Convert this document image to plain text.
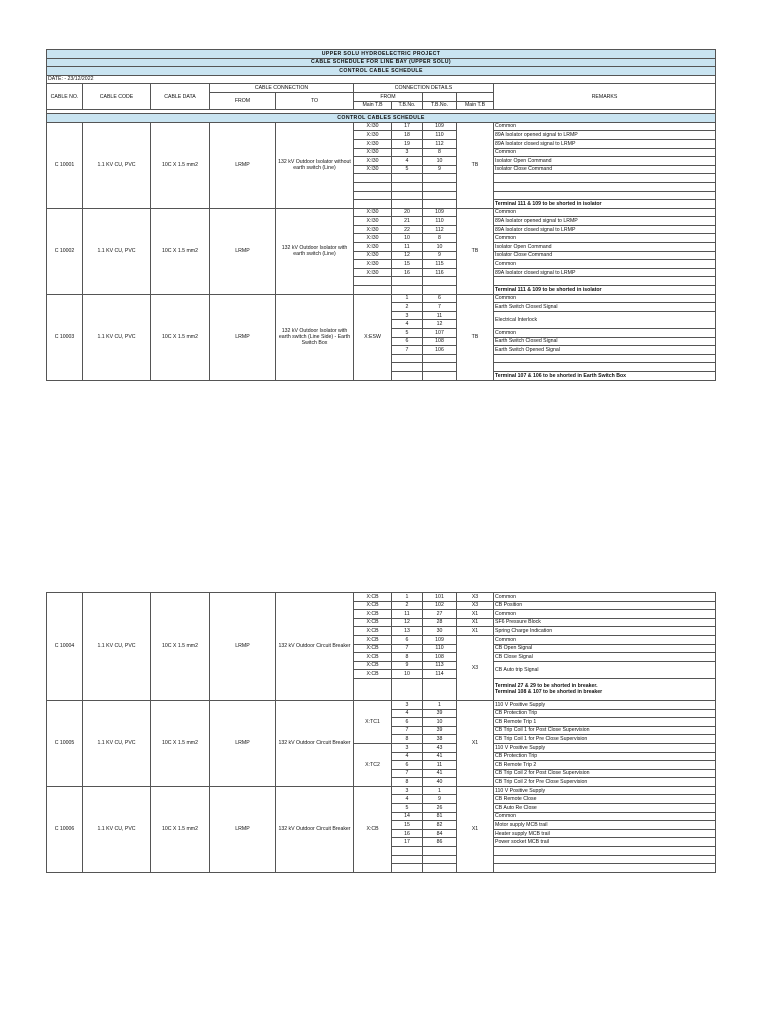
UPPER SOLU HYDROELECTRIC PROJECT									
CABLE SCHEDULE FOR LINE BAY (UPPER SOLU)									
CONTROL CABLE SCHEDULE									
DATE: - 23/12/2022									
CABLE NO.	CABLE CODE	CABLE DATA	CABLE CONNECTION		CONNECTION DETAILS				REMARKS
			FROM	TO	FROM				
					Main T.B	T.B.No.	T.B.No.	Main T.B	

CONTROL CABLES SCHEDULE									
C 10001	1.1 KV CU, PVC	10C X 1.5 mm2	LRMP	132 kV Outdoor Isolator without earth switch (Line)	X:I30	17	109	TB	Common
					X:I30	18	110		89A Isolator opened signal to LRMP
					X:I30	19	112		89A Isolator closed signal to LRMP
					X:I30	3	8		Common
					X:I30	4	10		Isolator Open Command
					X:I30	5	9		Isolator Close Command

									Terminal 111 & 109 to be shorted in isolator
C 10002	1.1 KV CU, PVC	10C X 1.5 mm2	LRMP	132 kV Outdoor Isolator with earth switch (Line)	X:I30	20	109	TB	Common
					X:I30	21	110		89A Isolator opened signal to LRMP
					X:I30	22	112		89A Isolator closed signal to LRMP
					X:I30	10	8		Common
					X:I30	11	10		Isolator Open Command
					X:I30	12	9		Isolator Close Command
					X:I30	15	115		Common
					X:I30	16	116		89A Isolator closed signal to LRMP

									Terminal 111 & 109 to be shorted in isolator
C 10003	1.1 KV CU, PVC	10C X 1.5 mm2	LRMP	132 kV Outdoor Isolator with earth switch (Line Side) - Earth Switch Box	X:ESW	1	6	TB	Common
						2	7		Earth Switch Closed Signal
						3	11		Electrical Interlock
						4	12		
						5	107		Common
						6	108		Earth Switch Closed Signal
						7	106		Earth Switch Opened Signal

									Terminal 107 & 106 to be shorted in Earth Switch Box
C 10004	1.1 KV CU, PVC	10C X 1.5 mm2	LRMP	132 kV Outdoor Circuit Breaker	X:CB	1	101	X3	Common
					X:CB	2	102	X3	CB Position
					X:CB	11	27	X1	Common
					X:CB	12	28	X1	SF6 Pressure Block
					X:CB	13	30	X1	Spring Charge Indication
					X:CB	6	109	X3	Common
					X:CB	7	110		CB Open Signal
					X:CB	8	108		CB Close Signal
					X:CB	9	113		CB Auto trip Signal
					X:CB	10	114		

									Terminal 27 & 29 to be shorted in breaker.
Terminal 108 & 107 to be shorted in breaker

C 10005	1.1 KV CU, PVC	10C X 1.5 mm2	LRMP	132 kV Outdoor Circuit Breaker	X:TC1	3	1	X1	110 V Positive Supply
						4	39		CB Protection Trip
						6	10		CB Remote Trip 1
						7	39		CB Trip Coil 1 for Post Close Supervision
						8	38		CB Trip Coil 1 for Pre Close Supervision
					X:TC2	3	43		110 V Positive Supply
						4	41		CB Protection Trip
						6	11		CB Remote Trip 2
						7	41		CB Trip Coil 2 for Post Close Supervision
						8	40		CB Trip Coil 2 for Pre Close Supervision
C 10006	1.1 KV CU, PVC	10C X 1.5 mm2	LRMP	132 kV Outdoor Circuit Breaker	X:CB	3	1	X1	110 V Positive Supply
						4	9		CB Remote Close
						5	26		CB Auto Re Close
						14	81		Common
						15	82		Motor supply MCB trail
						16	84		Heater supply MCB trail
						17	86		Power socket MCB trail
